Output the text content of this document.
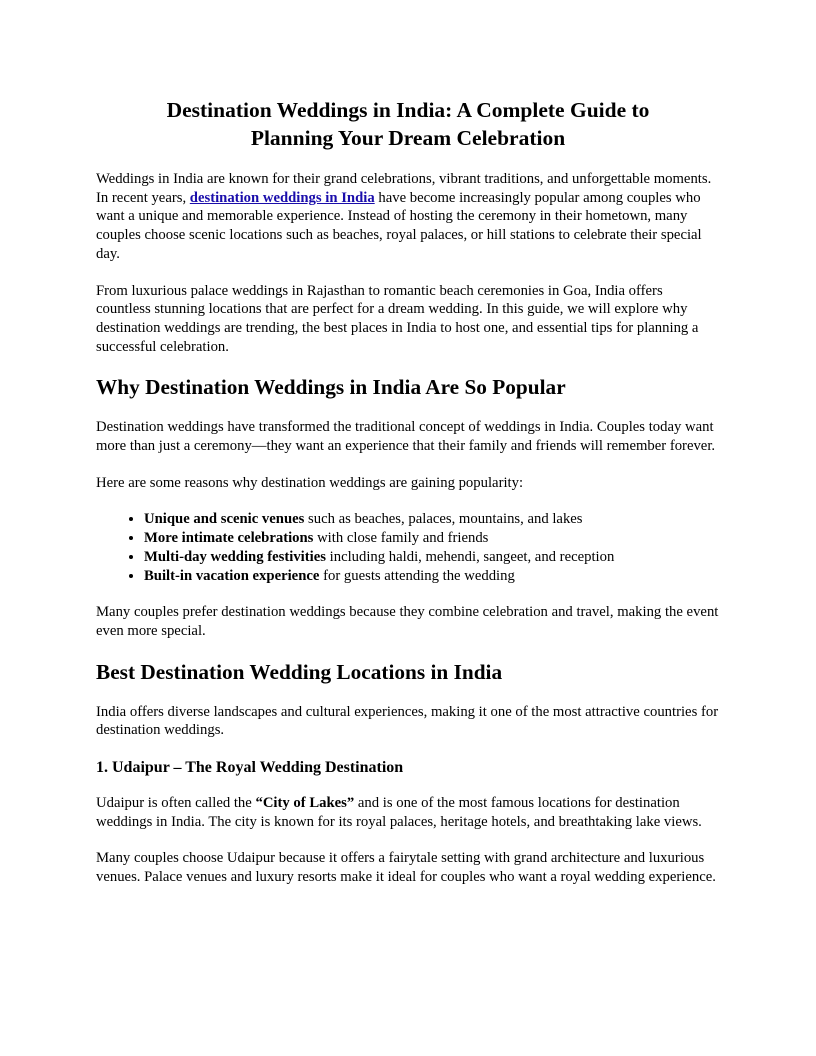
Destination Weddings in India: A Complete Guide to
Planning Your Dream Celebration

Weddings in India are known for their grand celebrations, vibrant traditions, and unforgettable moments. In recent years, destination weddings in India have become increasingly popular among couples who want a unique and memorable experience. Instead of hosting the ceremony in their hometown, many couples choose scenic locations such as beaches, royal palaces, or hill stations to celebrate their special day.

From luxurious palace weddings in Rajasthan to romantic beach ceremonies in Goa, India offers countless stunning locations that are perfect for a dream wedding. In this guide, we will explore why destination weddings are trending, the best places in India to host one, and essential tips for planning a successful celebration.

Why Destination Weddings in India Are So Popular

Destination weddings have transformed the traditional concept of weddings in India. Couples today want more than just a ceremony—they want an experience that their family and friends will remember forever.

Here are some reasons why destination weddings are gaining popularity:

• Unique and scenic venues such as beaches, palaces, mountains, and lakes
• More intimate celebrations with close family and friends
• Multi-day wedding festivities including haldi, mehendi, sangeet, and reception
• Built-in vacation experience for guests attending the wedding

Many couples prefer destination weddings because they combine celebration and travel, making the event even more special.

Best Destination Wedding Locations in India

India offers diverse landscapes and cultural experiences, making it one of the most attractive countries for destination weddings.

1. Udaipur – The Royal Wedding Destination

Udaipur is often called the “City of Lakes” and is one of the most famous locations for destination weddings in India. The city is known for its royal palaces, heritage hotels, and breathtaking lake views.

Many couples choose Udaipur because it offers a fairytale setting with grand architecture and luxurious venues. Palace venues and luxury resorts make it ideal for couples who want a royal wedding experience.
